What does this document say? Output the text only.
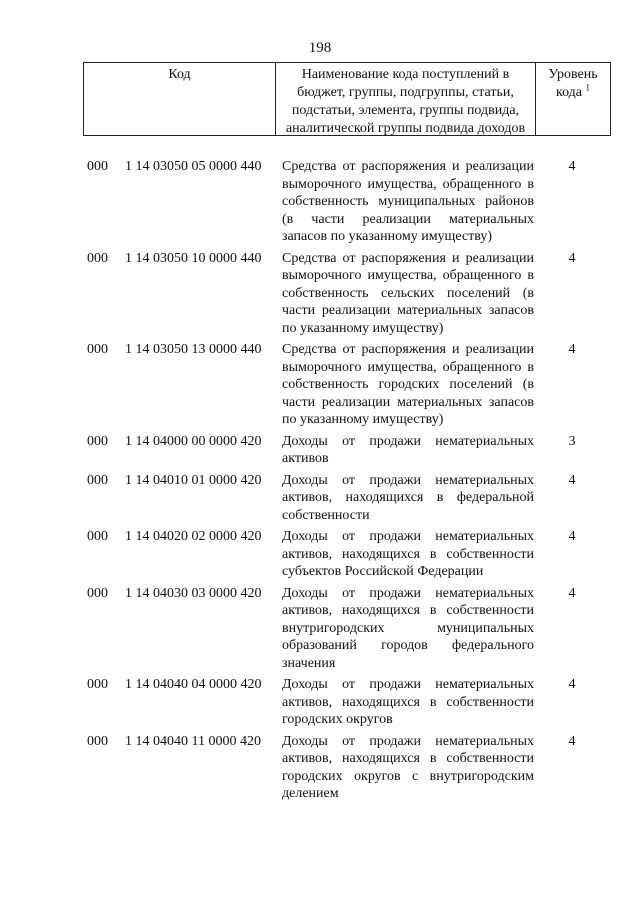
198
Код	Наименование кода поступлений в бюджет, группы, подгруппы, статьи, подстатьи, элемента, группы подвида, аналитической группы подвида доходов
Уровень кода $^1$
000 1 14 03050 05 0000 440 Средства от распоряжения и реализации выморочного имущества, обращенного в собственность муниципальных районов (в части реализации материальных запасов по указанному имуществу)
4
000 1 14 03050 10 0000 440 Средства от распоряжения и реализации выморочного имущества, обращенного в собственность сельских поселений (в части реализации материальных запасов по указанному имуществу)
4
000 1 14 03050 13 0000 440 Средства от распоряжения и реализации выморочного имущества, обращенного в собственность городских поселений (в части реализации материальных запасов по указанному имуществу)
4
000 1 14 04000 00 0000 420 Доходы от продажи нематериальных активов
3
000 1 14 04010 01 0000 420 Доходы от продажи нематериальных активов, находящихся в федеральной собственности
4
000 1 14 04020 02 0000 420 Доходы от продажи нематериальных активов, находящихся в собственности субъектов Российской Федерации
4
000 1 14 04030 03 0000 420 Доходы от продажи нематериальных активов, находящихся в собственности внутригородских муниципальных образований городов федерального значения
4
000 1 14 04040 04 0000 420 Доходы от продажи нематериальных активов, находящихся в собственности городских округов
4
000 1 14 04040 11 0000 420 Доходы от продажи нематериальных активов, находящихся в собственности городских округов с внутригородским делением
4
